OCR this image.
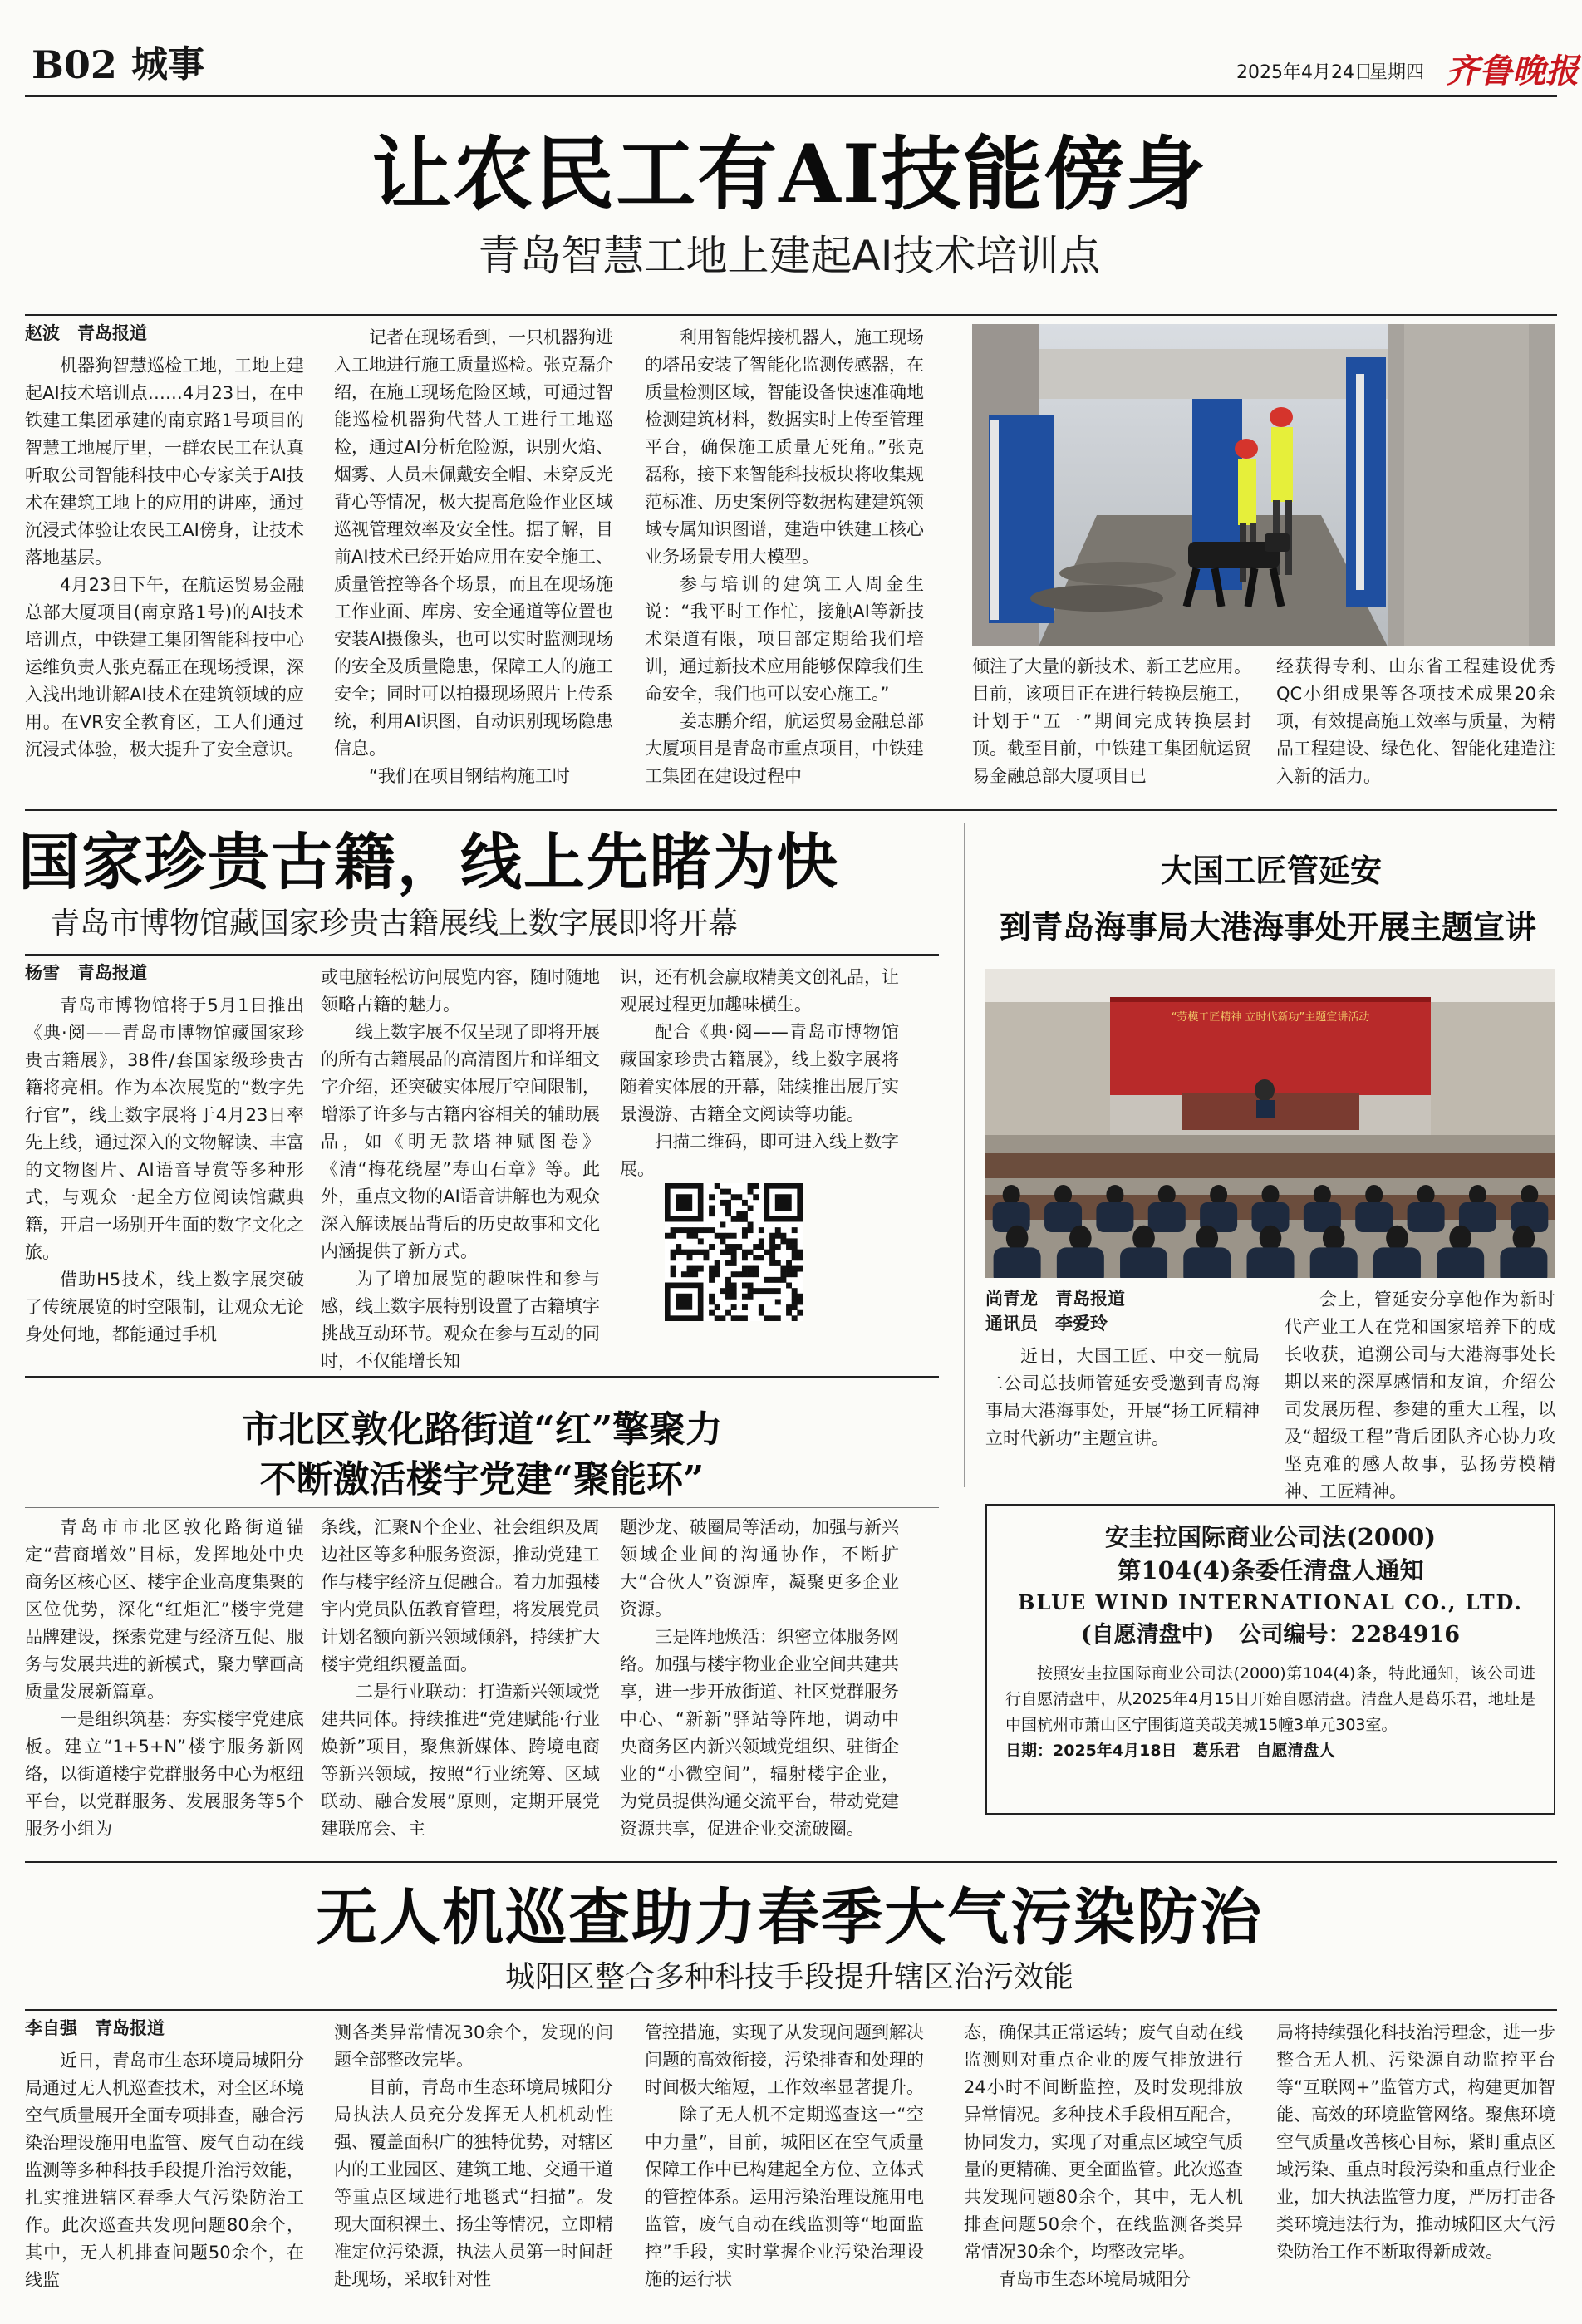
B02 城事	2025年4月24日
星期四 齐鲁晚报
让农民工有AI技能傍身
青岛智慧工地上建起AI技术培训点
赵波　青岛报道

机器狗智慧巡检工地，工地上建起AI技术培训点……4月23日，在中铁建工集团承建的南京路1号项目的智慧工地展厅里，一群农民工在认真听取公司智能科技中心专家关于AI技术在建筑工地上的应用的讲座，通过沉浸式体验让农民工AI傍身，让技术落地基层。

4月23日下午，在航运贸易金融总部大厦项目(南京路1号)的AI技术培训点，中铁建工集团智能科技中心运维负责人张克磊正在现场授课，深入浅出地讲解AI技术在建筑领域的应用。在VR安全教育区，工人们通过沉浸式体验，极大提升了安全意识。

记者在现场看到，一只机器狗进入工地进行施工质量巡检。张克磊介绍，在施工现场危险区域，可通过智能巡检机器狗代替人工进行工地巡检，通过AI分析危险源，识别火焰、烟雾、人员未佩戴安全帽、未穿反光背心等情况，极大提高危险作业区域巡视管理效率及安全性。据了解，目前AI技术已经开始应用在安全施工、质量管控等各个场景，而且在现场施工作业面、库房、安全通道等位置也安装AI摄像头，也可以实时监测现场的安全及质量隐患，保障工人的施工安全；同时可以拍摄现场照片上传系统，利用AI识图，自动识别现场隐患信息。

“我们在项目钢结构施工时

利用智能焊接机器人，施工现场的塔吊安装了智能化监测传感器，在质量检测区域，智能设备快速准确地检测建筑材料，数据实时上传至管理平台，确保施工质量无死角。”张克磊称，接下来智能科技板块将收集规范标准、历史案例等数据构建建筑领域专属知识图谱，建造中铁建工核心业务场景专用大模型。

参与培训的建筑工人周金生说：“我平时工作忙，接触AI等新技术渠道有限，项目部定期给我们培训，通过新技术应用能够保障我们生命安全，我们也可以安心施工。”

姜志鹏介绍，航运贸易金融总部大厦项目是青岛市重点项目，中铁建工集团在建设过程中

倾注了大量的新技术、新工艺应用。目前，该项目正在进行转换层施工，计划于“五一”期间完成转换层封顶。截至目前，中铁建工集团航运贸易金融总部大厦项目已

经获得专利、山东省工程建设优秀QC小组成果等各项技术成果20余项，有效提高施工效率与质量，为精品工程建设、绿色化、智能化建造注入新的活力。

国家珍贵古籍，线上先睹为快
青岛市博物馆藏国家珍贵古籍展线上数字展即将开幕
杨雪　青岛报道

青岛市博物馆将于5月1日推出《典·阅——青岛市博物馆藏国家珍贵古籍展》，38件/套国家级珍贵古籍将亮相。作为本次展览的“数字先行官”，线上数字展将于4月23日率先上线，通过深入的文物解读、丰富的文物图片、AI语音导赏等多种形式，与观众一起全方位阅读馆藏典籍，开启一场别开生面的数字文化之旅。

借助H5技术，线上数字展突破了传统展览的时空限制，让观众无论身处何地，都能通过手机

或电脑轻松访问展览内容，随时随地领略古籍的魅力。

线上数字展不仅呈现了即将开展的所有古籍展品的高清图片和详细文字介绍，还突破实体展厅空间限制，增添了许多与古籍内容相关的辅助展品，如《明无款塔神赋图卷》《清“梅花绕屋”寿山石章》等。此外，重点文物的AI语音讲解也为观众深入解读展品背后的历史故事和文化内涵提供了新方式。

为了增加展览的趣味性和参与感，线上数字展特别设置了古籍填字挑战互动环节。观众在参与互动的同时，不仅能增长知

识，还有机会赢取精美文创礼品，让观展过程更加趣味横生。

配合《典·阅——青岛市博物馆藏国家珍贵古籍展》，线上数字展将随着实体展的开幕，陆续推出展厅实景漫游、古籍全文阅读等功能。

扫描二维码，即可进入线上数字展。

大国工匠管延安
到青岛海事局大港海事处开展主题宣讲
“劳模工匠精神 立时代新功”主题宣讲活动
尚青龙　青岛报道
通讯员　李爱玲

近日，大国工匠、中交一航局二公司总技师管延安受邀到青岛海事局大港海事处，开展“扬工匠精神　立时代新功”主题宣讲。

会上，管延安分享他作为新时代产业工人在党和国家培养下的成长收获，追溯公司与大港海事处长期以来的深厚感情和友谊，介绍公司发展历程、参建的重大工程，以及“超级工程”背后团队齐心协力攻坚克难的感人故事，弘扬劳模精神、工匠精神。

市北区敦化路街道“红”擎聚力
不断激活楼宇党建“聚能环”

青岛市市北区敦化路街道锚定“营商增效”目标，发挥地处中央商务区核心区、楼宇企业高度集聚的区位优势，深化“红炬汇”楼宇党建品牌建设，探索党建与经济互促、服务与发展共进的新模式，聚力擘画高质量发展新篇章。

一是组织筑基：夯实楼宇党建底板。建立“1+5+N”楼宇服务新网络，以街道楼宇党群服务中心为枢纽平台，以党群服务、发展服务等5个服务小组为

条线，汇聚N个企业、社会组织及周边社区等多种服务资源，推动党建工作与楼宇经济互促融合。着力加强楼宇内党员队伍教育管理，将发展党员计划名额向新兴领域倾斜，持续扩大楼宇党组织覆盖面。

二是行业联动：打造新兴领域党建共同体。持续推进“党建赋能·行业焕新”项目，聚焦新媒体、跨境电商等新兴领域，按照“行业统筹、区域联动、融合发展”原则，定期开展党建联席会、主

题沙龙、破圈局等活动，加强与新兴领域企业间的沟通协作，不断扩大“合伙人”资源库，凝聚更多企业资源。

三是阵地焕活：织密立体服务网络。加强与楼宇物业企业空间共建共享，进一步开放街道、社区党群服务中心、“新新”驿站等阵地，调动中央商务区内新兴领域党组织、驻街企业的“小微空间”，辐射楼宇企业，为党员提供沟通交流平台，带动党建资源共享，促进企业交流破圈。

安圭拉国际商业公司法(2000)
第104(4)条委任清盘人通知
BLUE WIND INTERNATIONAL CO., LTD.
(自愿清盘中) 公司编号：2284916
按照安圭拉国际商业公司法(2000)第104(4)条，特此通知，该公司进行自愿清盘中，从2025年4月15日开始自愿清盘。清盘人是葛乐君，地址是中国杭州市萧山区宁围街道美哉美城15幢3单元303室。
日期：2025年4月18日　葛乐君　自愿清盘人
无人机巡查助力春季大气污染防治
城阳区整合多种科技手段提升辖区治污效能
李自强　青岛报道

近日，青岛市生态环境局城阳分局通过无人机巡查技术，对全区环境空气质量展开全面专项排查，融合污染治理设施用电监管、废气自动在线监测等多种科技手段提升治污效能，扎实推进辖区春季大气污染防治工作。此次巡查共发现问题80余个，其中，无人机排查问题50余个，在线监

测各类异常情况30余个，发现的问题全部整改完毕。

目前，青岛市生态环境局城阳分局执法人员充分发挥无人机机动性强、覆盖面积广的独特优势，对辖区内的工业园区、建筑工地、交通干道等重点区域进行地毯式“扫描”。发现大面积裸土、扬尘等情况，立即精准定位污染源，执法人员第一时间赶赴现场，采取针对性

管控措施，实现了从发现问题到解决问题的高效衔接，污染排查和处理的时间极大缩短，工作效率显著提升。

除了无人机不定期巡查这一“空中力量”，目前，城阳区在空气质量保障工作中已构建起全方位、立体式的管控体系。运用污染治理设施用电监管，废气自动在线监测等“地面监控”手段，实时掌握企业污染治理设施的运行状

态，确保其正常运转；废气自动在线监测则对重点企业的废气排放进行24小时不间断监控，及时发现排放异常情况。多种技术手段相互配合，协同发力，实现了对重点区域空气质量的更精确、更全面监管。此次巡查共发现问题80余个，其中，无人机排查问题50余个，在线监测各类异常情况30余个，均整改完毕。

青岛市生态环境局城阳分

局将持续强化科技治污理念，进一步整合无人机、污染源自动监控平台等“互联网+”监管方式，构建更加智能、高效的环境监管网络。聚焦环境空气质量改善核心目标，紧盯重点区域污染、重点时段污染和重点行业企业，加大执法监管力度，严厉打击各类环境违法行为，推动城阳区大气污染防治工作不断取得新成效。
